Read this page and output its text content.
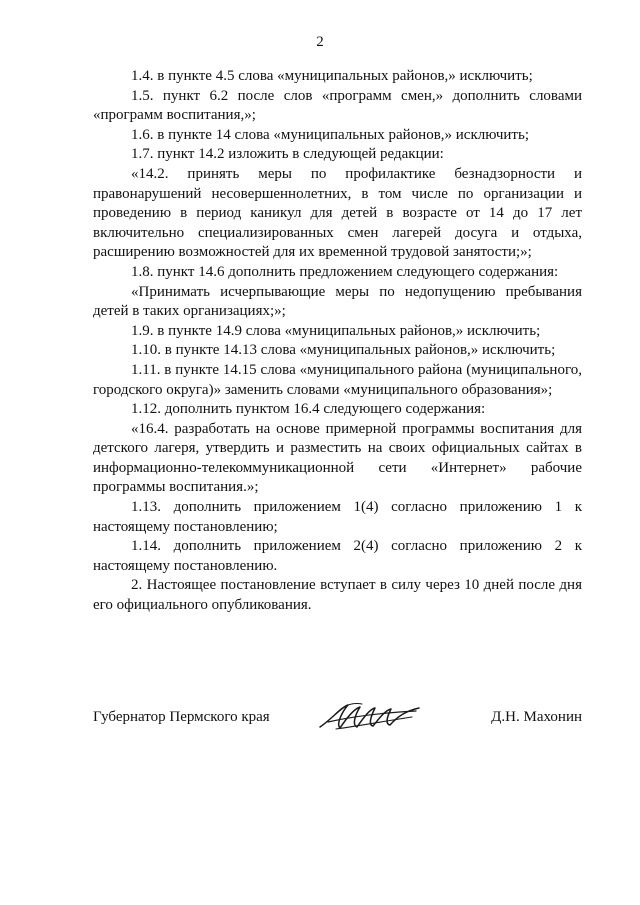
2

1.4. в пункте 4.5 слова «муниципальных районов,» исключить;

1.5. пункт 6.2 после слов «программ смен,» дополнить словами «программ воспитания,»;

1.6. в пункте 14 слова «муниципальных районов,» исключить;

1.7. пункт 14.2 изложить в следующей редакции:

«14.2. принять меры по профилактике безнадзорности и правонарушений несовершеннолетних, в том числе по организации и проведению в период каникул для детей в возрасте от 14 до 17 лет включительно специализированных смен лагерей досуга и отдыха, расширению возможностей для их временной трудовой занятости;»;

1.8. пункт 14.6 дополнить предложением следующего содержания:

«Принимать исчерпывающие меры по недопущению пребывания детей в таких организациях;»;

1.9. в пункте 14.9 слова «муниципальных районов,» исключить;

1.10. в пункте 14.13 слова «муниципальных районов,» исключить;

1.11. в пункте 14.15 слова «муниципального района (муниципального, городского округа)» заменить словами «муниципального образования»;

1.12. дополнить пунктом 16.4 следующего содержания:

«16.4. разработать на основе примерной программы воспитания для детского лагеря, утвердить и разместить на своих официальных сайтах в информационно-телекоммуникационной сети «Интернет» рабочие программы воспитания.»;

1.13. дополнить приложением 1(4) согласно приложению 1 к настоящему постановлению;

1.14. дополнить приложением 2(4) согласно приложению 2 к настоящему постановлению.

2. Настоящее постановление вступает в силу через 10 дней после дня его официального опубликования.

Губернатор Пермского края	Д.Н. Махонин
